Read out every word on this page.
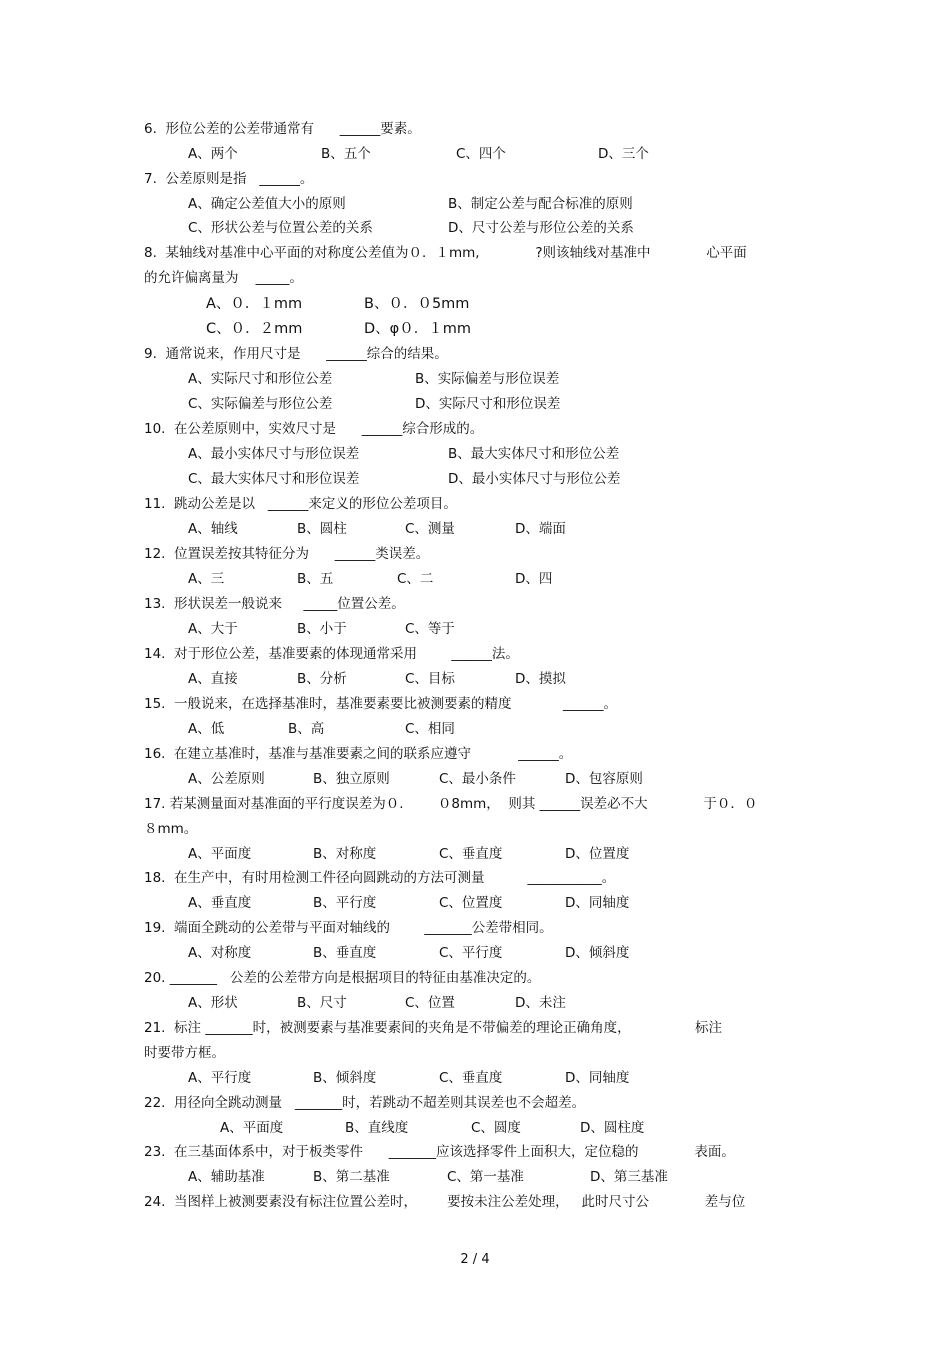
6.  形位公差的公差带通常有      ______要素。

A、两个

	B、五个

	C、四个

	D、三个

7.  公差原则是指   ______。

A、确定公差值大小的原则

	B、制定公差与配合标准的原则

C、形状公差与位置公差的关系

	D、尺寸公差与形位公差的关系

8.  某轴线对基准中心平面的对称度公差值为０．１mm,             ?则该轴线对基准中             心平面
的允许偏离量为    _____。

A、０．１mm

	B、０．０5mm

C、０．２mm

	D、φ０．１mm

9.  通常说来，作用尺寸是      ______综合的结果。

A、实际尺寸和形位公差

	B、实际偏差与形位误差

C、实际偏差与形位公差

	D、实际尺寸和形位误差

10.  在公差原则中，实效尺寸是      ______综合形成的。

A、最小实体尺寸与形位误差

	B、最大实体尺寸和形位公差

C、最大实体尺寸和形位误差

	D、最小实体尺寸与形位公差

11.  跳动公差是以   ______来定义的形位公差项目。

A、轴线

	B、圆柱

	C、测量

	D、端面

12.  位置误差按其特征分为      ______类误差。

A、三

	B、五

	C、二

	D、四

13.  形状误差一般说来     _____位置公差。

A、大于

	B、小于

	C、等于

14.  对于形位公差，基准要素的体现通常采用        ______法。

A、直接

	B、分析

	C、目标

	D、摸拟

15.  一般说来，在选择基准时，基准要素要比被测要素的精度            ______。

A、低

	B、高

	C、相同

16.  在建立基准时，基准与基准要素之间的联系应遵守           ______。

A、公差原则

	B、独立原则

	C、最小条件

	D、包容原则

17. 若某测量面对基准面的平行度误差为０.        ０8mm，  则其 ______误差必不大             于０．０
８mm。

A、平面度

	B、对称度

	C、垂直度

	D、位置度

18.  在生产中，有时用检测工件径向圆跳动的方法可测量          ___________。

A、垂直度

	B、平行度

	C、位置度

	D、同轴度

19.  端面全跳动的公差带与平面对轴线的        _______公差带相同。

A、对称度

	B、垂直度

	C、平行度

	D、倾斜度

20. _______   公差的公差带方向是根据项目的特征由基准决定的。

A、形状

	B、尺寸

	C、位置

	D、未注

21.  标注 _______时，被测要素与基准要素间的夹角是不带偏差的理论正确角度，               标注
时要带方框。

A、平行度

	B、倾斜度

	C、垂直度

	D、同轴度

22.  用径向全跳动测量   _______时，若跳动不超差则其误差也不会超差。

A、平面度

	B、直线度

	C、圆度

	D、圆柱度

23.  在三基面体系中，对于板类零件      _______应该选择零件上面积大，定位稳的             表面。

A、辅助基准

	B、第二基准

	C、第一基准

	D、第三基准

24.  当图样上被测要素没有标注位置公差时，       要按未注公差处理，   此时尺寸公             差与位
2 / 4
